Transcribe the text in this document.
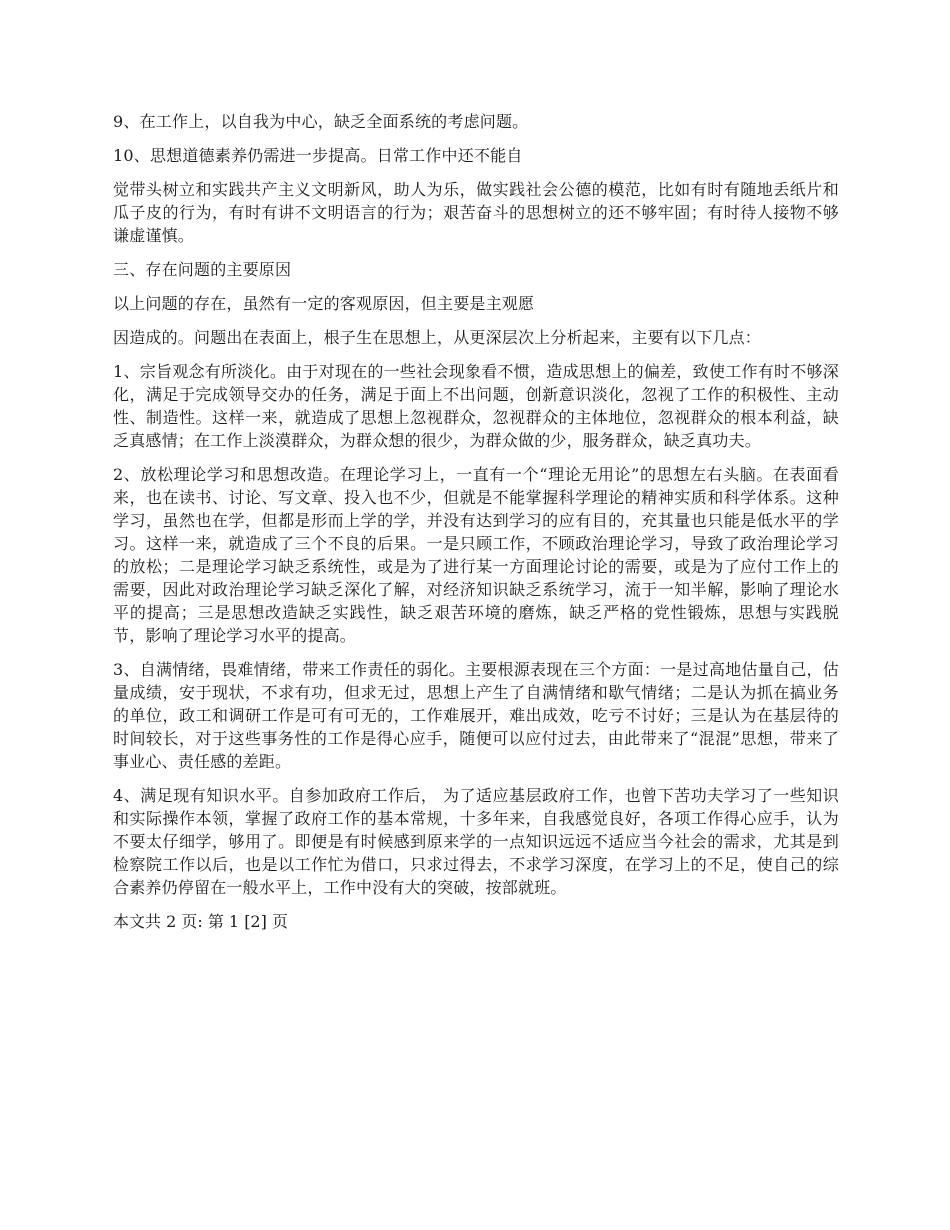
9、在工作上，以自我为中心，缺乏全面系统的考虑问题。

10、思想道德素养仍需进一步提高。日常工作中还不能自

觉带头树立和实践共产主义文明新风，助人为乐，做实践社会公德的模范，比如有时有随地丢纸片和瓜子皮的行为，有时有讲不文明语言的行为；艰苦奋斗的思想树立的还不够牢固；有时待人接物不够谦虚谨慎。

三、存在问题的主要原因

以上问题的存在，虽然有一定的客观原因，但主要是主观愿

因造成的。问题出在表面上，根子生在思想上，从更深层次上分析起来，主要有以下几点：

1、宗旨观念有所淡化。由于对现在的一些社会现象看不惯，造成思想上的偏差，致使工作有时不够深化，满足于完成领导交办的任务，满足于面上不出问题，创新意识淡化，忽视了工作的积极性、主动性、制造性。这样一来，就造成了思想上忽视群众，忽视群众的主体地位，忽视群众的根本利益，缺乏真感情；在工作上淡漠群众，为群众想的很少，为群众做的少，服务群众，缺乏真功夫。

2、放松理论学习和思想改造。在理论学习上，一直有一个“理论无用论”的思想左右头脑。在表面看来，也在读书、讨论、写文章、投入也不少，但就是不能掌握科学理论的精神实质和科学体系。这种学习，虽然也在学，但都是形而上学的学，并没有达到学习的应有目的，充其量也只能是低水平的学习。这样一来，就造成了三个不良的后果。一是只顾工作，不顾政治理论学习，导致了政治理论学习的放松；二是理论学习缺乏系统性，或是为了进行某一方面理论讨论的需要，或是为了应付工作上的需要，因此对政治理论学习缺乏深化了解，对经济知识缺乏系统学习，流于一知半解，影响了理论水平的提高；三是思想改造缺乏实践性，缺乏艰苦环境的磨炼，缺乏严格的党性锻炼，思想与实践脱节，影响了理论学习水平的提高。

3、自满情绪，畏难情绪，带来工作责任的弱化。主要根源表现在三个方面：一是过高地估量自己，估量成绩，安于现状，不求有功，但求无过，思想上产生了自满情绪和歇气情绪；二是认为抓在搞业务的单位，政工和调研工作是可有可无的，工作难展开，难出成效，吃亏不讨好；三是认为在基层待的时间较长，对于这些事务性的工作是得心应手，随便可以应付过去，由此带来了“混混”思想，带来了事业心、责任感的差距。

4、满足现有知识水平。自参加政府工作后， 为了适应基层政府工作，也曾下苦功夫学习了一些知识和实际操作本领，掌握了政府工作的基本常规，十多年来，自我感觉良好，各项工作得心应手，认为不要太仔细学，够用了。即便是有时候感到原来学的一点知识远远不适应当今社会的需求，尤其是到检察院工作以后，也是以工作忙为借口，只求过得去，不求学习深度，在学习上的不足，使自己的综合素养仍停留在一般水平上，工作中没有大的突破，按部就班。

本文共 2 页: 第 1 [2] 页
